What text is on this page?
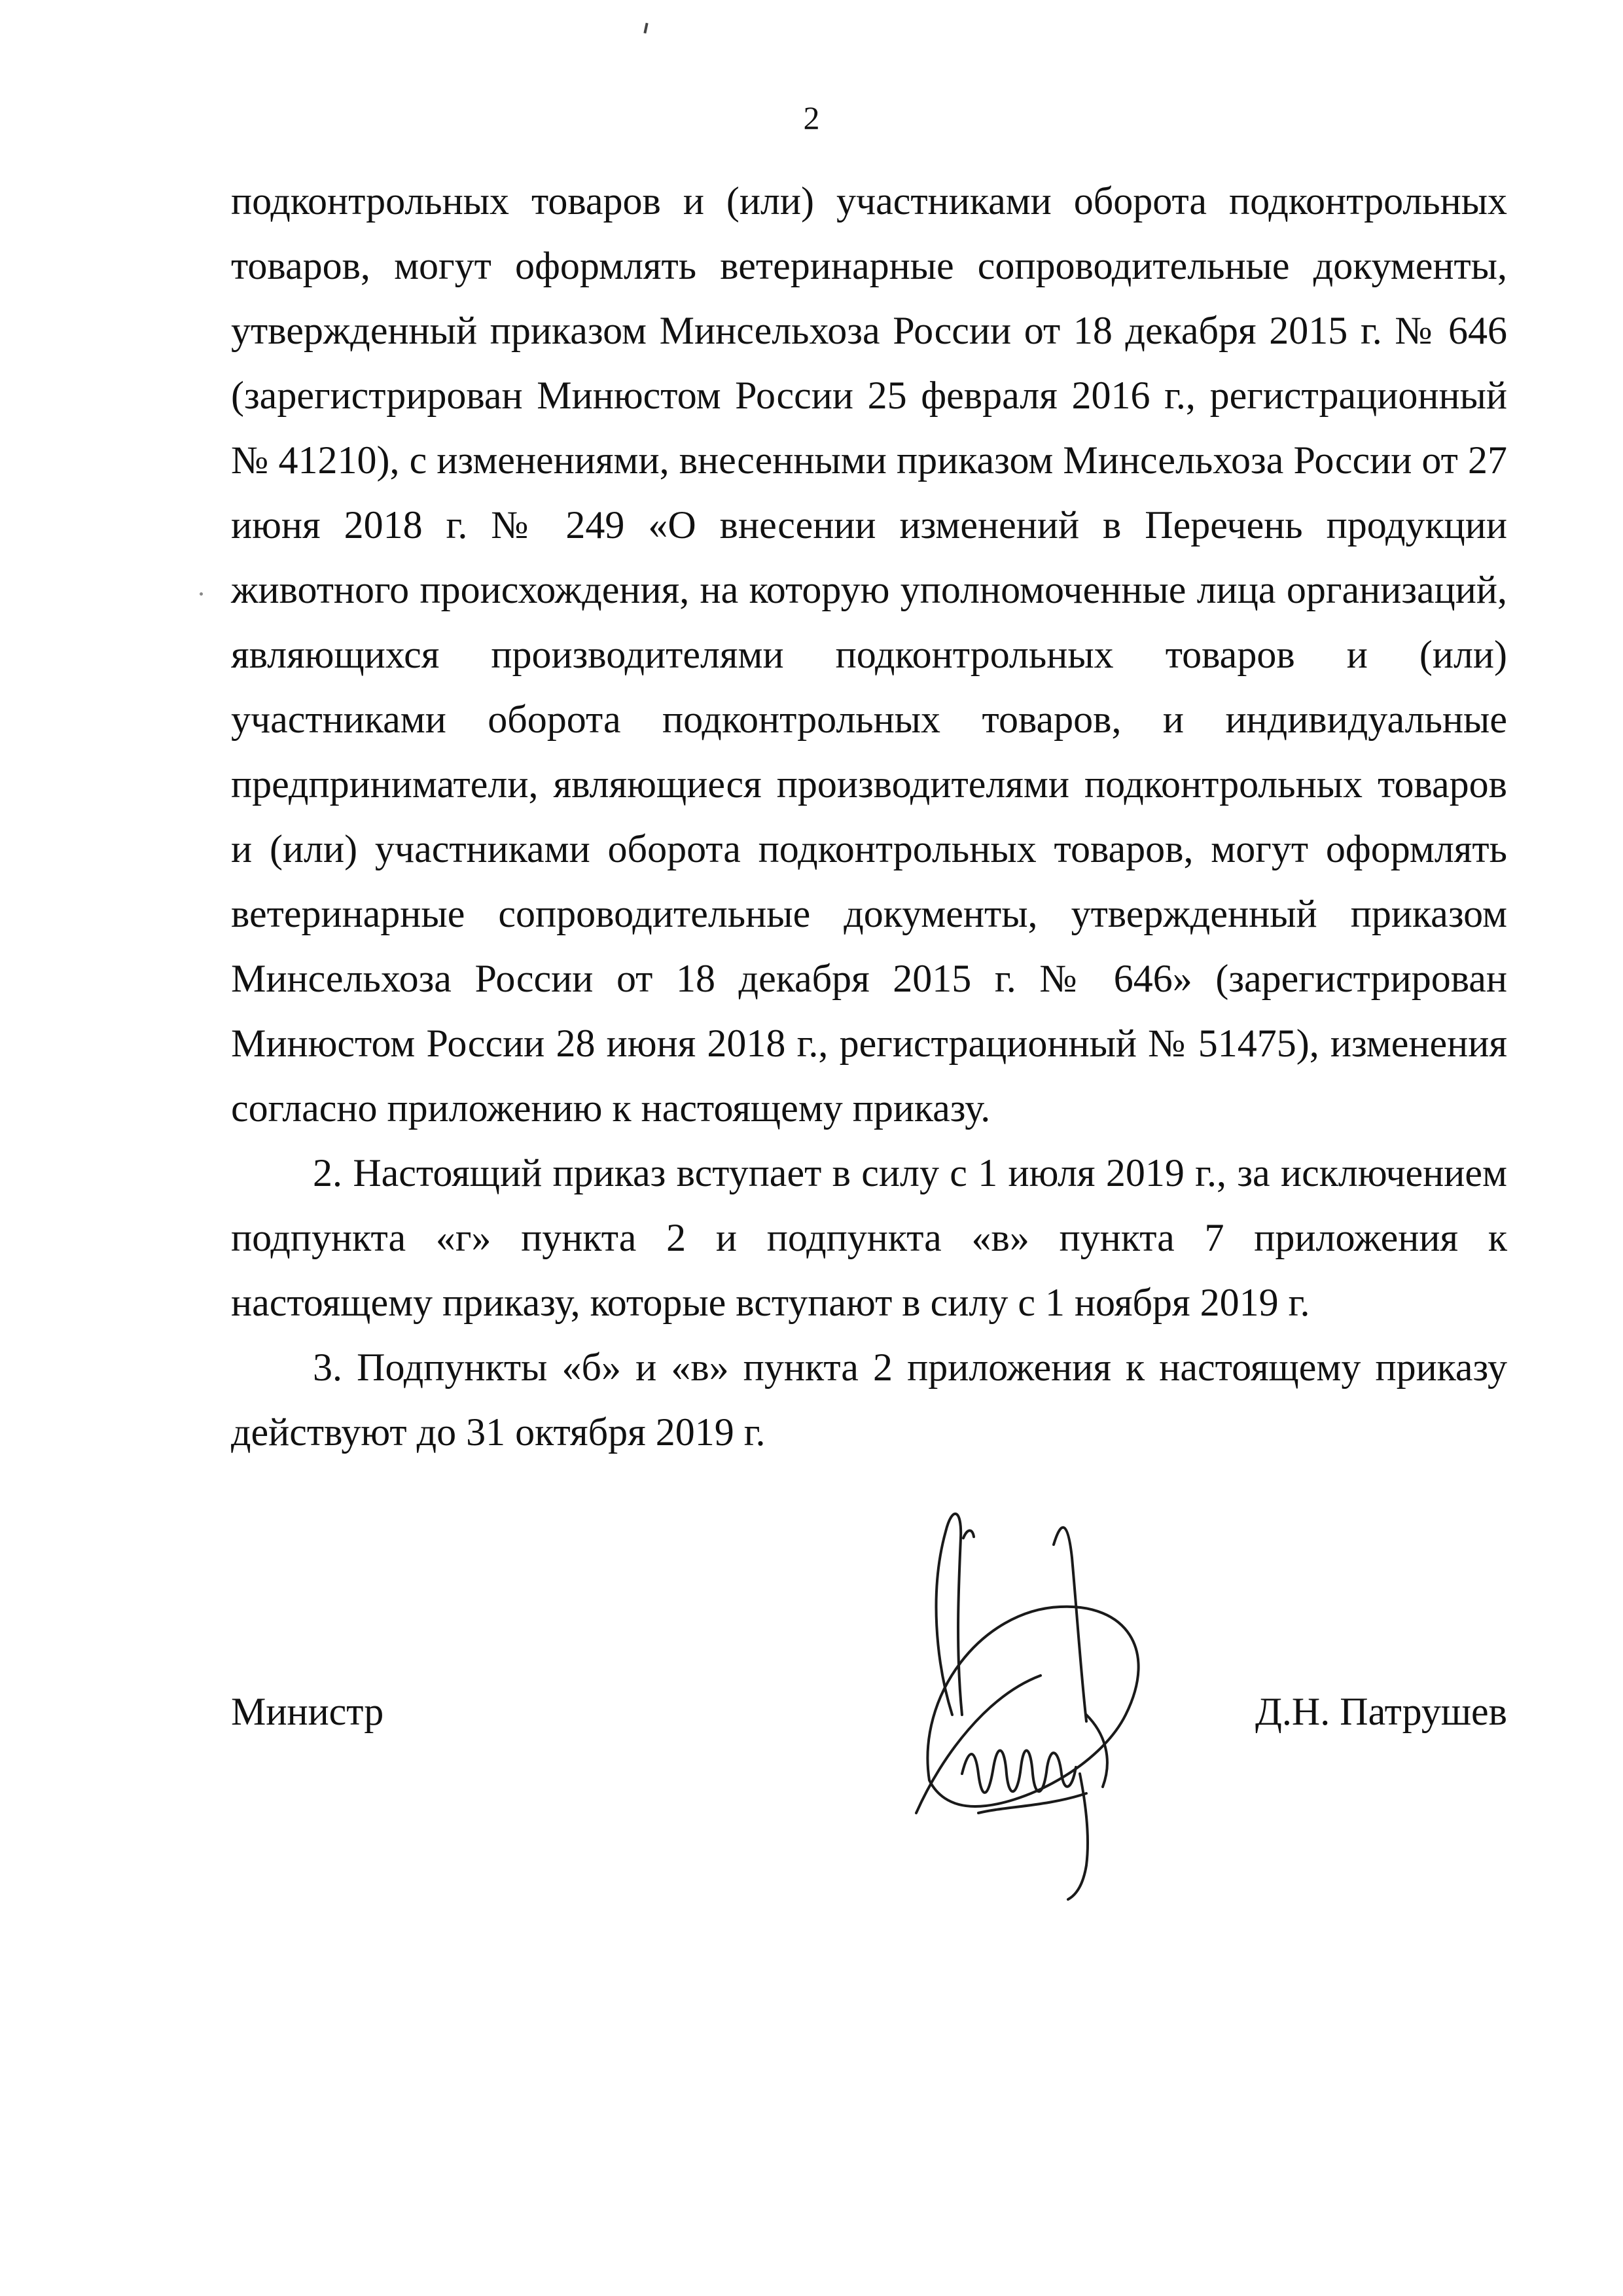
2

подконтрольных товаров и (или) участниками оборота подконтрольных товаров, могут оформлять ветеринарные сопроводительные документы, утвержденный приказом Минсельхоза России от 18 декабря 2015 г. № 646 (зарегистрирован Минюстом России 25 февраля 2016 г., регистрационный № 41210), с изменениями, внесенными приказом Минсельхоза России от 27 июня 2018 г. № 249 «О внесении изменений в Перечень продукции животного происхождения, на которую уполномоченные лица организаций, являющихся производителями подконтрольных товаров и (или) участниками оборота подконтрольных товаров, и индивидуальные предприниматели, являющиеся производителями подконтрольных товаров и (или) участниками оборота подконтрольных товаров, могут оформлять ветеринарные сопроводительные документы, утвержденный приказом Минсельхоза России от 18 декабря 2015 г. № 646» (зарегистрирован Минюстом России 28 июня 2018 г., регистрационный № 51475), изменения согласно приложению к настоящему приказу.

2. Настоящий приказ вступает в силу с 1 июля 2019 г., за исключением подпункта «г» пункта 2 и подпункта «в» пункта 7 приложения к настоящему приказу, которые вступают в силу с 1 ноября 2019 г.

3. Подпункты «б» и «в» пункта 2 приложения к настоящему приказу действуют до 31 октября 2019 г.

Министр	Д.Н. Патрушев
